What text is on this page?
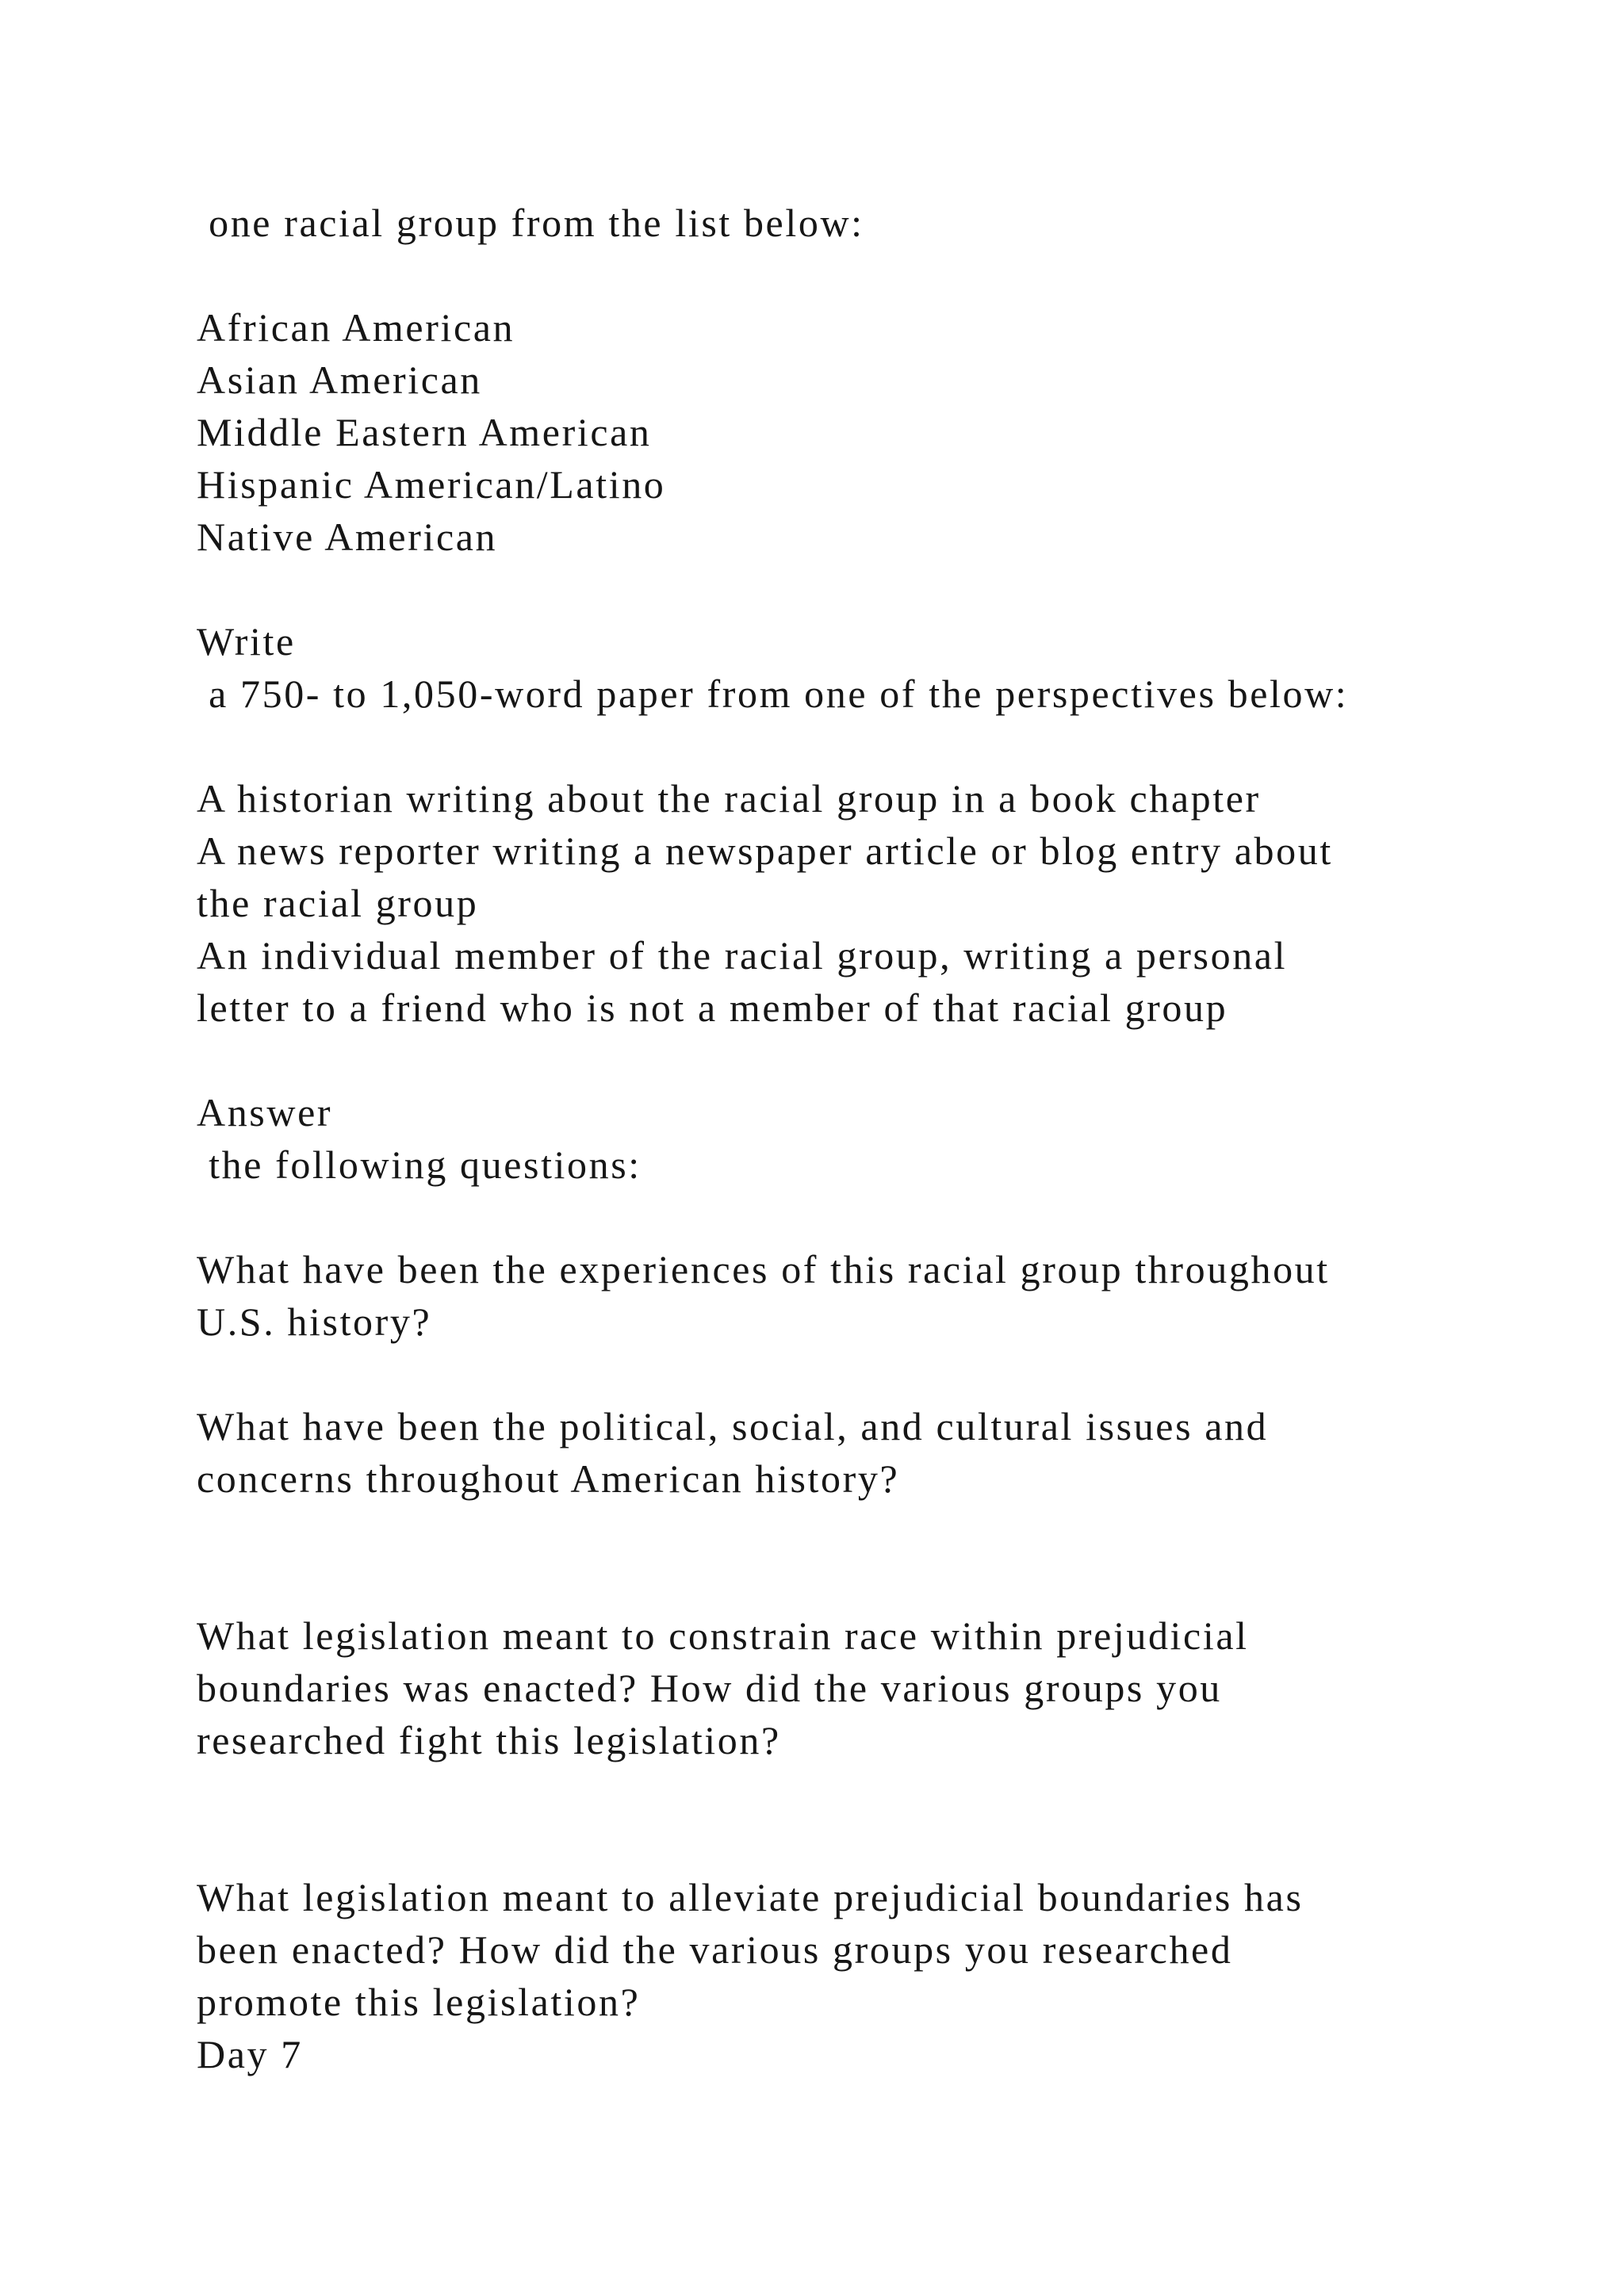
one racial group from the list below:

African American

Asian American

Middle Eastern American

Hispanic American/Latino

Native American

Write

a 750- to 1,050-word paper from one of the perspectives below:

A historian writing about the racial group in a book chapter

A news reporter writing a newspaper article or blog entry about

the racial group

An individual member of the racial group, writing a personal

letter to a friend who is not a member of that racial group

Answer

the following questions:

What have been the experiences of this racial group throughout

U.S. history?

What have been the political, social, and cultural issues and

concerns throughout American history?

What legislation meant to constrain race within prejudicial

boundaries was enacted? How did the various groups you

researched fight this legislation?

What legislation meant to alleviate prejudicial boundaries has

been enacted? How did the various groups you researched

promote this legislation?

Day 7
